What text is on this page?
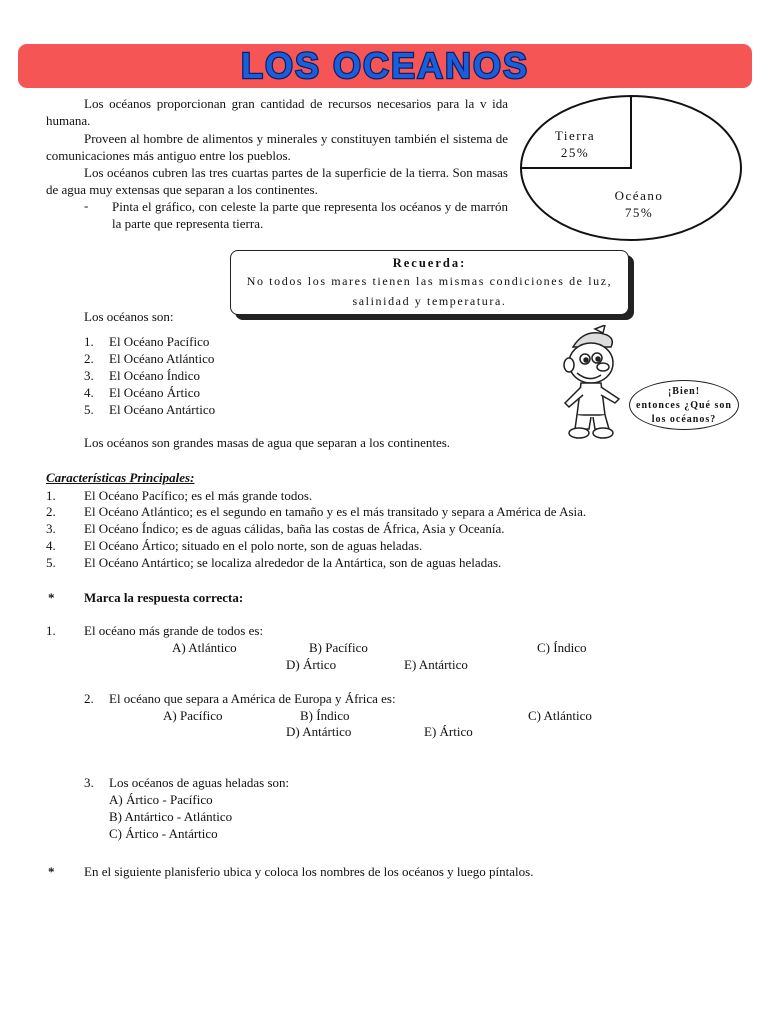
LOS OCEANOS

Los océanos proporcionan gran cantidad de recursos necesarios para la v ida humana.

Proveen al hombre de alimentos y minerales y constituyen también el sistema de comunicaciones más antiguo entre los pueblos.

Los océanos cubren las tres cuartas partes de la superficie de la tierra. Son masas de agua muy extensas que separan a los continentes.

- Pinta el gráfico, con celeste la parte que representa los océanos y de marrón la parte que representa tierra.
Tierra
25%
Océano
75%
Recuerda:
No todos los mares tienen las mismas condiciones de luz,
salinidad y temperatura.
Los océanos son:
1. El Océano Pacífico
2. El Océano Atlántico
3. El Océano Índico
4. El Océano Ártico
5. El Océano Antártico
Los océanos son grandes masas de agua que separan a los continentes.
¡Bien!
entonces ¿Qué son
los océanos?
Características Principales:
1. El Océano Pacífico; es el más grande todos.
2. El Océano Atlántico; es el segundo en tamaño y es el más transitado y separa a América de Asia.
3. El Océano Índico; es de aguas cálidas, baña las costas de África, Asia y Oceanía.
4. El Océano Ártico; situado en el polo norte, son de aguas heladas.
5. El Océano Antártico; se localiza alrededor de la Antártica, son de aguas heladas.
* Marca la respuesta correcta:
1. El océano más grande de todos es:
A) Atlántico	B) Pacífico	C) Índico
D) Ártico	E) Antártico
2. El océano que separa a América de Europa y África es:
A) Pacífico	B) Índico	C) Atlántico
D) Antártico	E) Ártico
3. Los océanos de aguas heladas son:
A) Ártico - Pacífico
B) Antártico - Atlántico
C) Ártico - Antártico
* En el siguiente planisferio ubica y coloca los nombres de los océanos y luego píntalos.
